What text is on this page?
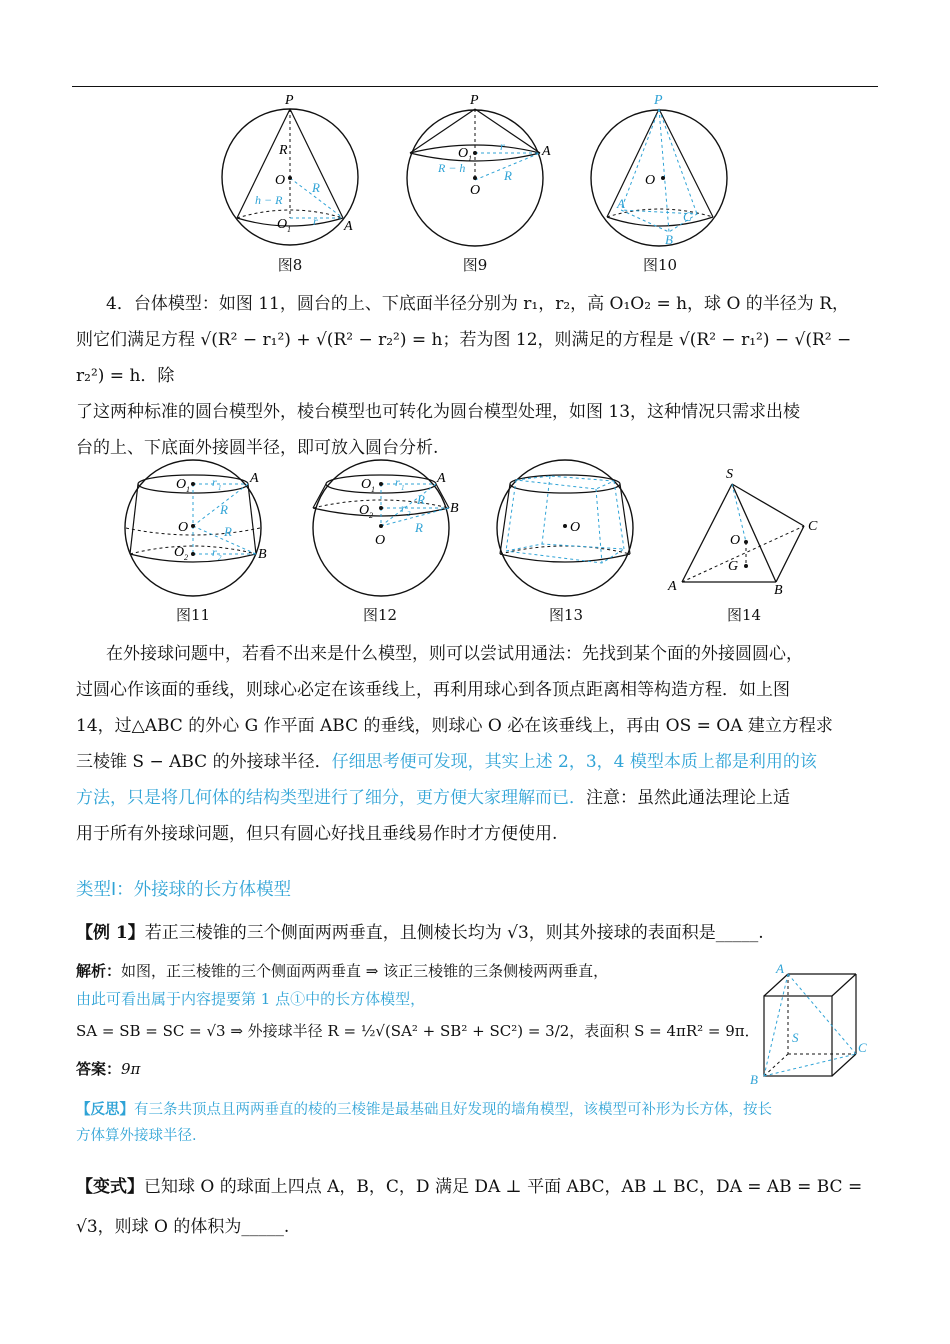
P
R
O
h − R
R
O 1
r A
图8
P
O 1
r	A
R − h	R
O
图9
P
O
A
C
B
图10

4．台体模型：如图 11，圆台的上、下底面半径分别为 r₁，r₂，高 O₁O₂ = h，球 O 的半径为 R，

则它们满足方程 √(R² − r₁²) + √(R² − r₂²) = h；若为图 12，则满足的方程是 √(R² − r₁²) − √(R² − r₂²) = h．除

了这两种标准的圆台模型外，棱台模型也可转化为圆台模型处理，如图 13，这种情况只需求出棱

台的上、下底面外接圆半径，即可放入圆台分析.

O 1
r 1
A
R
O	R
O 2 r 2	B
图11
O 1
r 1
A
R
O 2
r 2	B
R
O
图12
O
图13
S
C
O
G
A	B
图14

在外接球问题中，若看不出来是什么模型，则可以尝试用通法：先找到某个面的外接圆圆心，

过圆心作该面的垂线，则球心必定在该垂线上，再利用球心到各顶点距离相等构造方程．如上图

14，过△ABC 的外心 G 作平面 ABC 的垂线，则球心 O 必在该垂线上，再由 OS = OA 建立方程求

三棱锥 S − ABC 的外接球半径．仔细思考便可发现，其实上述 2，3，4 模型本质上都是利用的该

方法，只是将几何体的结构类型进行了细分，更方便大家理解而已．注意：虽然此通法理论上适

用于所有外接球问题，但只有圆心好找且垂线易作时才方便使用.

类型Ⅰ：外接球的长方体模型
【例 1】若正三棱锥的三个侧面两两垂直，且侧棱长均为 √3，则其外接球的表面积是_____.
解析：如图，正三棱锥的三个侧面两两垂直 ⇒ 该正三棱锥的三条侧棱两两垂直，
由此可看出属于内容提要第 1 点①中的长方体模型，
SA = SB = SC = √3 ⇒ 外接球半径 R = ½√(SA² + SB² + SC²) = 3/2，表面积 S = 4πR² = 9π．
答案：9π
A
S
C
B
【反思】有三条共顶点且两两垂直的棱的三棱锥是最基础且好发现的墙角模型，该模型可补形为长方体，按长
方体算外接球半径.
【变式】已知球 O 的球面上四点 A，B，C，D 满足 DA ⊥ 平面 ABC，AB ⊥ BC，DA = AB = BC =
√3，则球 O 的体积为_____.
